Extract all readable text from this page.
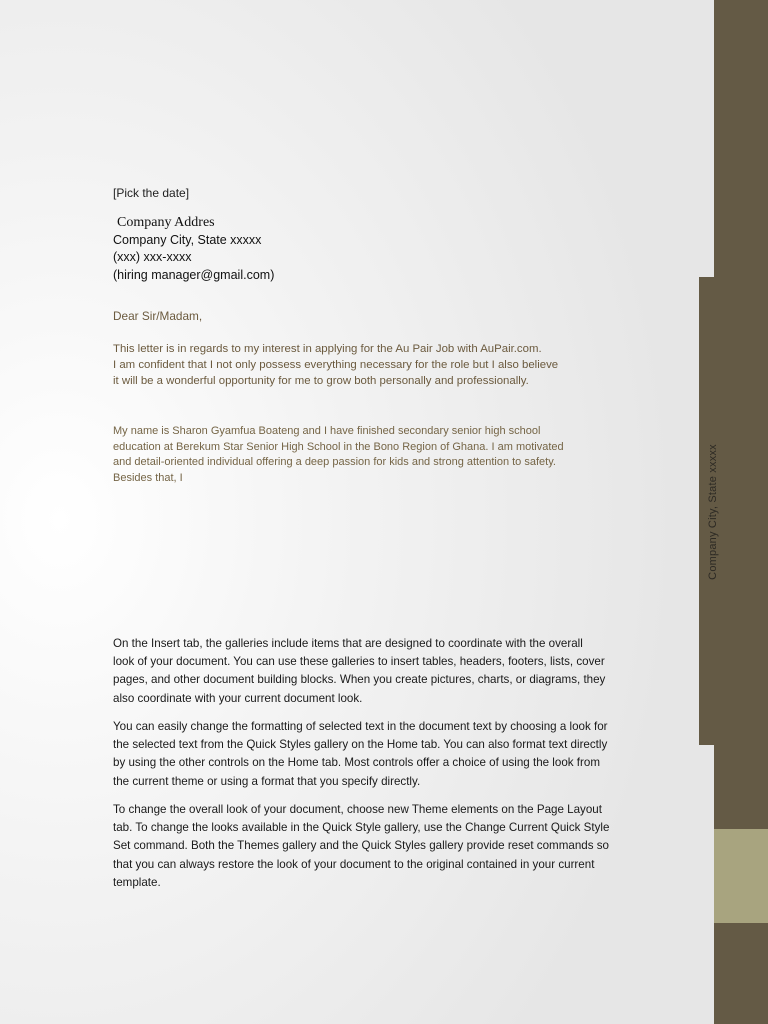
[Pick the date]
Company Addres
Company City, State xxxxx
(xxx) xxx-xxxx
(hiring manager@gmail.com)
Dear Sir/Madam,
This letter is in regards to my interest in applying for the Au Pair Job with AuPair.com.
I am confident that I not only possess everything necessary for the role but I also believe
it will be a wonderful opportunity for me to grow both personally and professionally.
My name is Sharon Gyamfua Boateng and I have finished secondary senior high school
education at Berekum Star Senior High School in the Bono Region of Ghana. I am motivated
and detail-oriented individual offering a deep passion for kids and strong attention to safety.
Besides that, I
On the Insert tab, the galleries include items that are designed to coordinate with the overall
look of your document. You can use these galleries to insert tables, headers, footers, lists, cover
pages, and other document building blocks. When you create pictures, charts, or diagrams, they
also coordinate with your current document look.
You can easily change the formatting of selected text in the document text by choosing a look for
the selected text from the Quick Styles gallery on the Home tab. You can also format text directly
by using the other controls on the Home tab. Most controls offer a choice of using the look from
the current theme or using a format that you specify directly.
To change the overall look of your document, choose new Theme elements on the Page Layout
tab. To change the looks available in the Quick Style gallery, use the Change Current Quick Style
Set command. Both the Themes gallery and the Quick Styles gallery provide reset commands so
that you can always restore the look of your document to the original contained in your current
template.
Company City, State xxxxx
